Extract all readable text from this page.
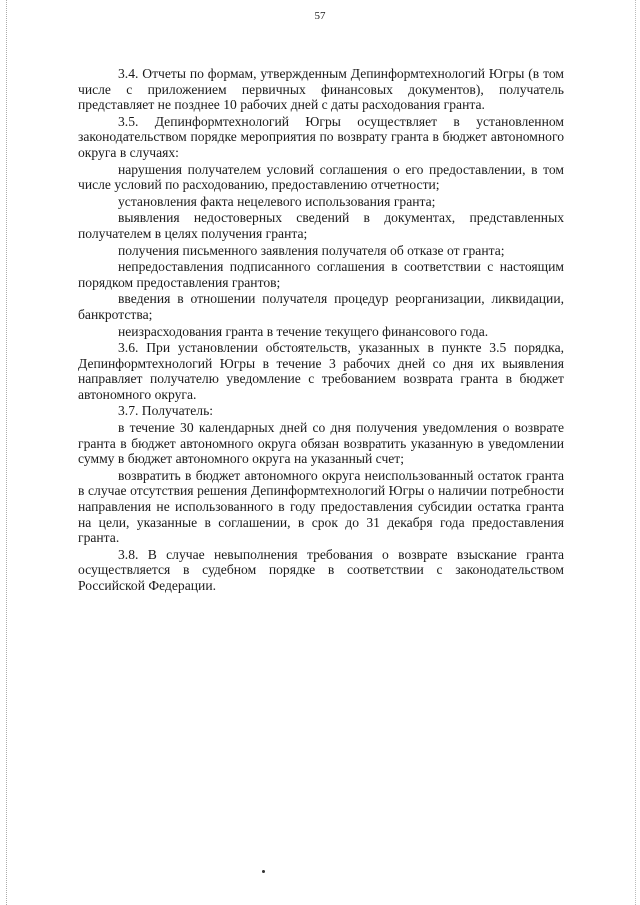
57

3.4. Отчеты по формам, утвержденным Депинформтехнологий Югры (в том числе с приложением первичных финансовых документов), получатель представляет не позднее 10 рабочих дней с даты расходования гранта.

3.5. Депинформтехнологий Югры осуществляет в установленном законодательством порядке мероприятия по возврату гранта в бюджет автономного округа в случаях:

нарушения получателем условий соглашения о его предоставлении, в том числе условий по расходованию, предоставлению отчетности;

установления факта нецелевого использования гранта;

выявления недостоверных сведений в документах, представленных получателем в целях получения гранта;

получения письменного заявления получателя об отказе от гранта;

непредоставления подписанного соглашения в соответствии с настоящим порядком предоставления грантов;

введения в отношении получателя процедур реорганизации, ликвидации, банкротства;

неизрасходования гранта в течение текущего финансового года.

3.6. При установлении обстоятельств, указанных в пункте 3.5 порядка, Депинформтехнологий Югры в течение 3 рабочих дней со дня их выявления направляет получателю уведомление с требованием возврата гранта в бюджет автономного округа.

3.7. Получатель:

в течение 30 календарных дней со дня получения уведомления о возврате гранта в бюджет автономного округа обязан возвратить указанную в уведомлении сумму в бюджет автономного округа на указанный счет;

возвратить в бюджет автономного округа неиспользованный остаток гранта в случае отсутствия решения Депинформтехнологий Югры о наличии потребности направления не использованного в году предоставления субсидии остатка гранта на цели, указанные в соглашении, в срок до 31 декабря года предоставления гранта.

3.8. В случае невыполнения требования о возврате взыскание гранта осуществляется в судебном порядке в соответствии с законодательством Российской Федерации.
